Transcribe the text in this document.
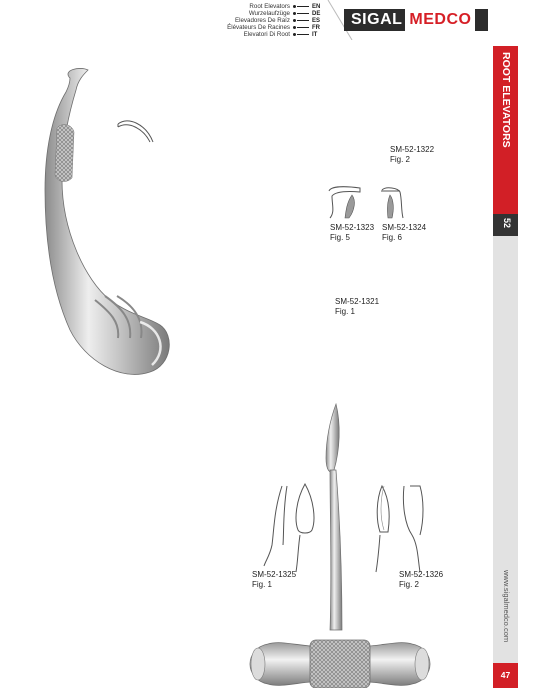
Root Elevators	EN
Wurzelaufzüge	DE
Elevadores De Raíz	ES
Élévateurs De Racines	FR
Elevatori Di Root	IT
SIGAL MEDCO
ROOT ELEVATORS
52
www.sigalmedco.com
47
SM-52-1322
Fig. 2
SM-52-1323
Fig. 5
SM-52-1324
Fig. 6
SM-52-1321
Fig. 1
SM-52-1325
Fig. 1
SM-52-1326
Fig. 2
